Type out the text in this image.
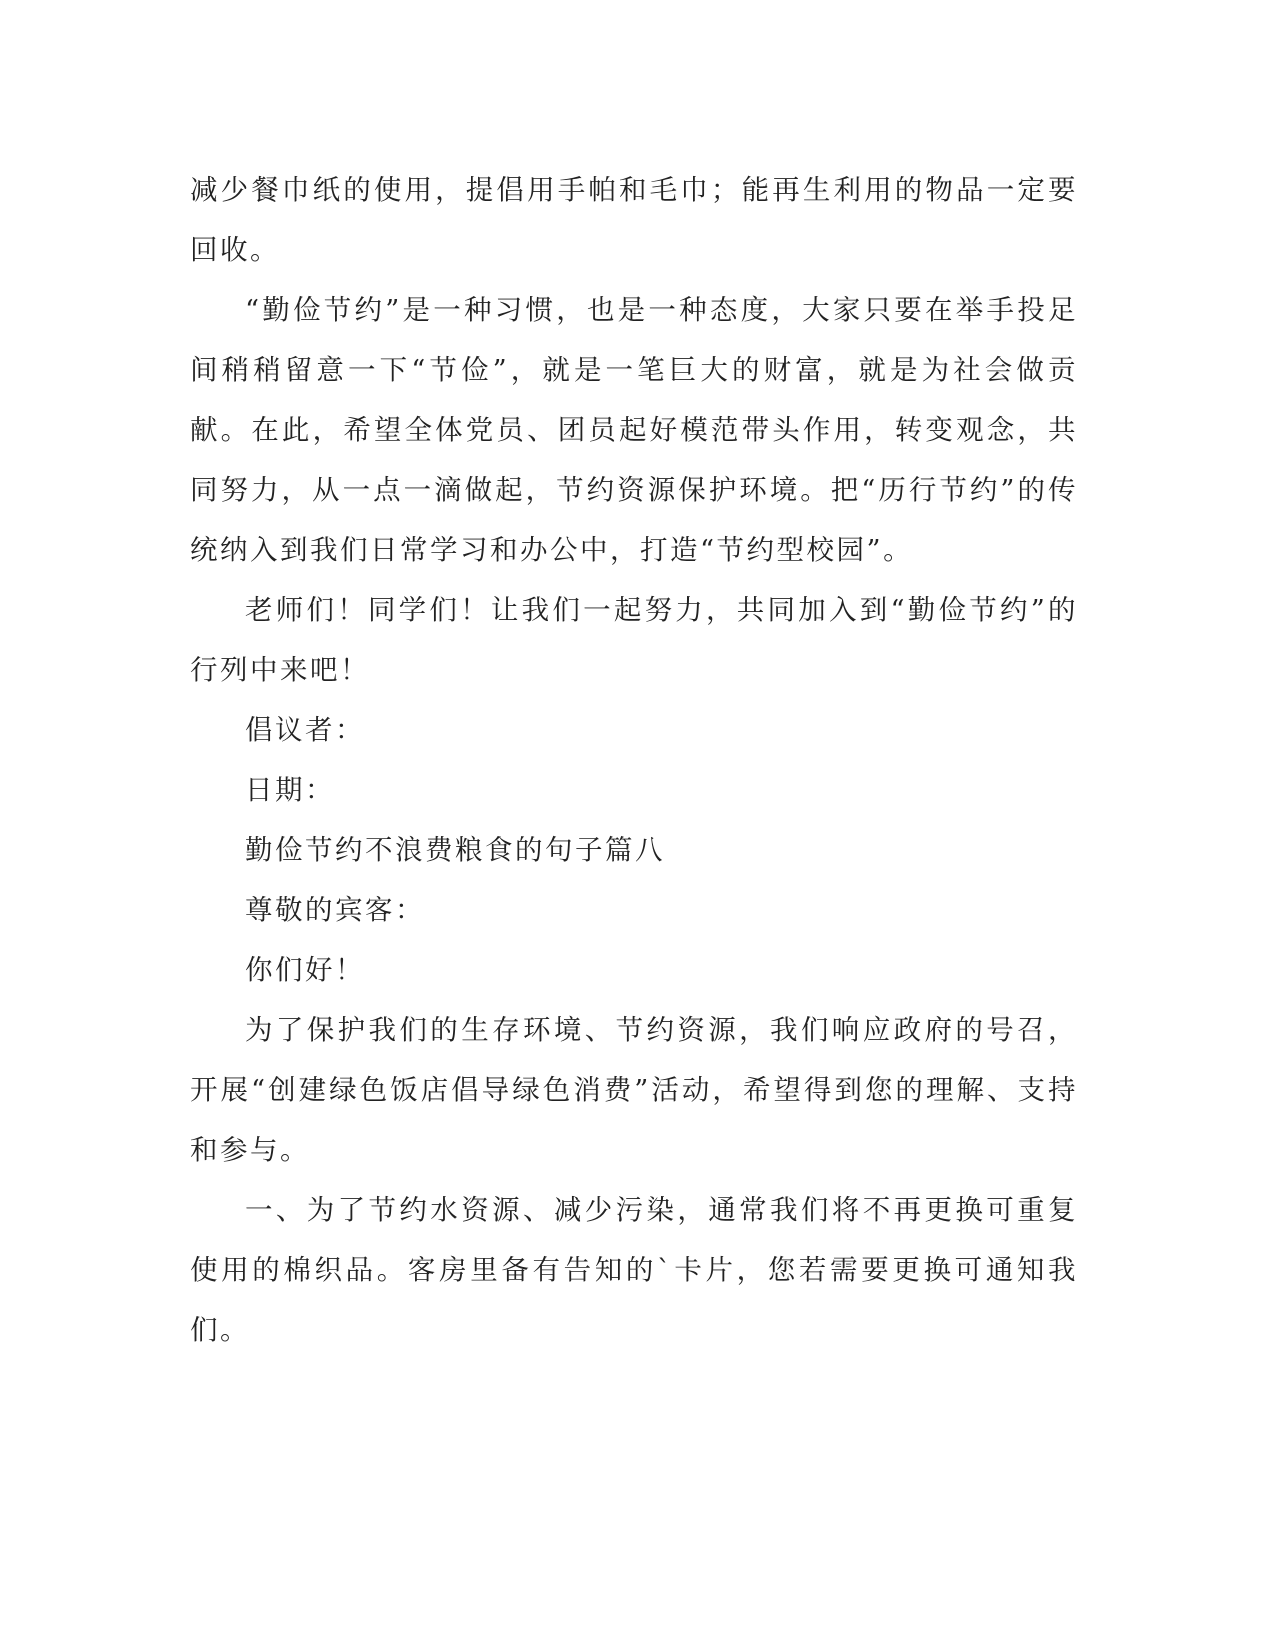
减少餐巾纸的使用，提倡用手帕和毛巾；能再生利用的物品一定要回收。

“勤俭节约”是一种习惯，也是一种态度，大家只要在举手投足间稍稍留意一下“节俭”，就是一笔巨大的财富，就是为社会做贡献。在此，希望全体党员、团员起好模范带头作用，转变观念，共同努力，从一点一滴做起，节约资源保护环境。把“历行节约”的传统纳入到我们日常学习和办公中，打造“节约型校园”。

老师们！同学们！让我们一起努力，共同加入到“勤俭节约”的行列中来吧！

倡议者：

日期：

勤俭节约不浪费粮食的句子篇八

尊敬的宾客：

你们好！

为了保护我们的生存环境、节约资源，我们响应政府的号召，开展“创建绿色饭店倡导绿色消费”活动，希望得到您的理解、支持和参与。

一、为了节约水资源、减少污染，通常我们将不再更换可重复使用的棉织品。客房里备有告知的`卡片，您若需要更换可通知我们。
